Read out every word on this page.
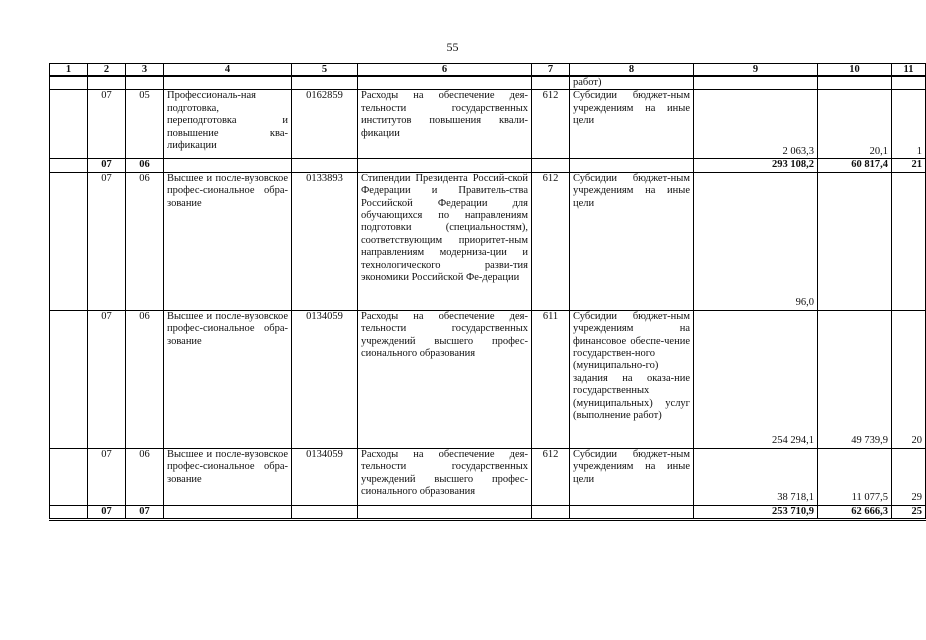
55
1	2	3	4	5	6	7	8	9	10	11
							работ)			
	07	05	Профессиональ-ная подготовка, переподготовка и повышение ква-лификации	0162859	Расходы на обеспечение дея-тельности государственных институтов повышения квали-фикации	612	Субсидии бюджет-ным учреждениям на иные цели	2 063,3	20,1	1
	07	06						293 108,2	60 817,4	21
	07	06	Высшее и после-вузовское профес-сиональное обра-зование	0133893	Стипендии Президента Россий-ской Федерации и Правитель-ства Российской Федерации для обучающихся по направлениям подготовки (специальностям), соответствующим приоритет-ным направлениям модерниза-ции и технологического разви-тия экономики Российской Фе-дерации	612	Субсидии бюджет-ным учреждениям на иные цели	96,0		
	07	06	Высшее и после-вузовское профес-сиональное обра-зование	0134059	Расходы на обеспечение дея-тельности государственных учреждений высшего профес-сионального образования	611	Субсидии бюджет-ным учреждениям на финансовое обеспе-чение государствен-ного (муниципально-го) задания на оказа-ние государственных (муниципальных) услуг (выполнение работ)	254 294,1	49 739,9	20
	07	06	Высшее и после-вузовское профес-сиональное обра-зование	0134059	Расходы на обеспечение дея-тельности государственных учреждений высшего профес-сионального образования	612	Субсидии бюджет-ным учреждениям на иные цели	38 718,1	11 077,5	29
	07	07						253 710,9	62 666,3	25
